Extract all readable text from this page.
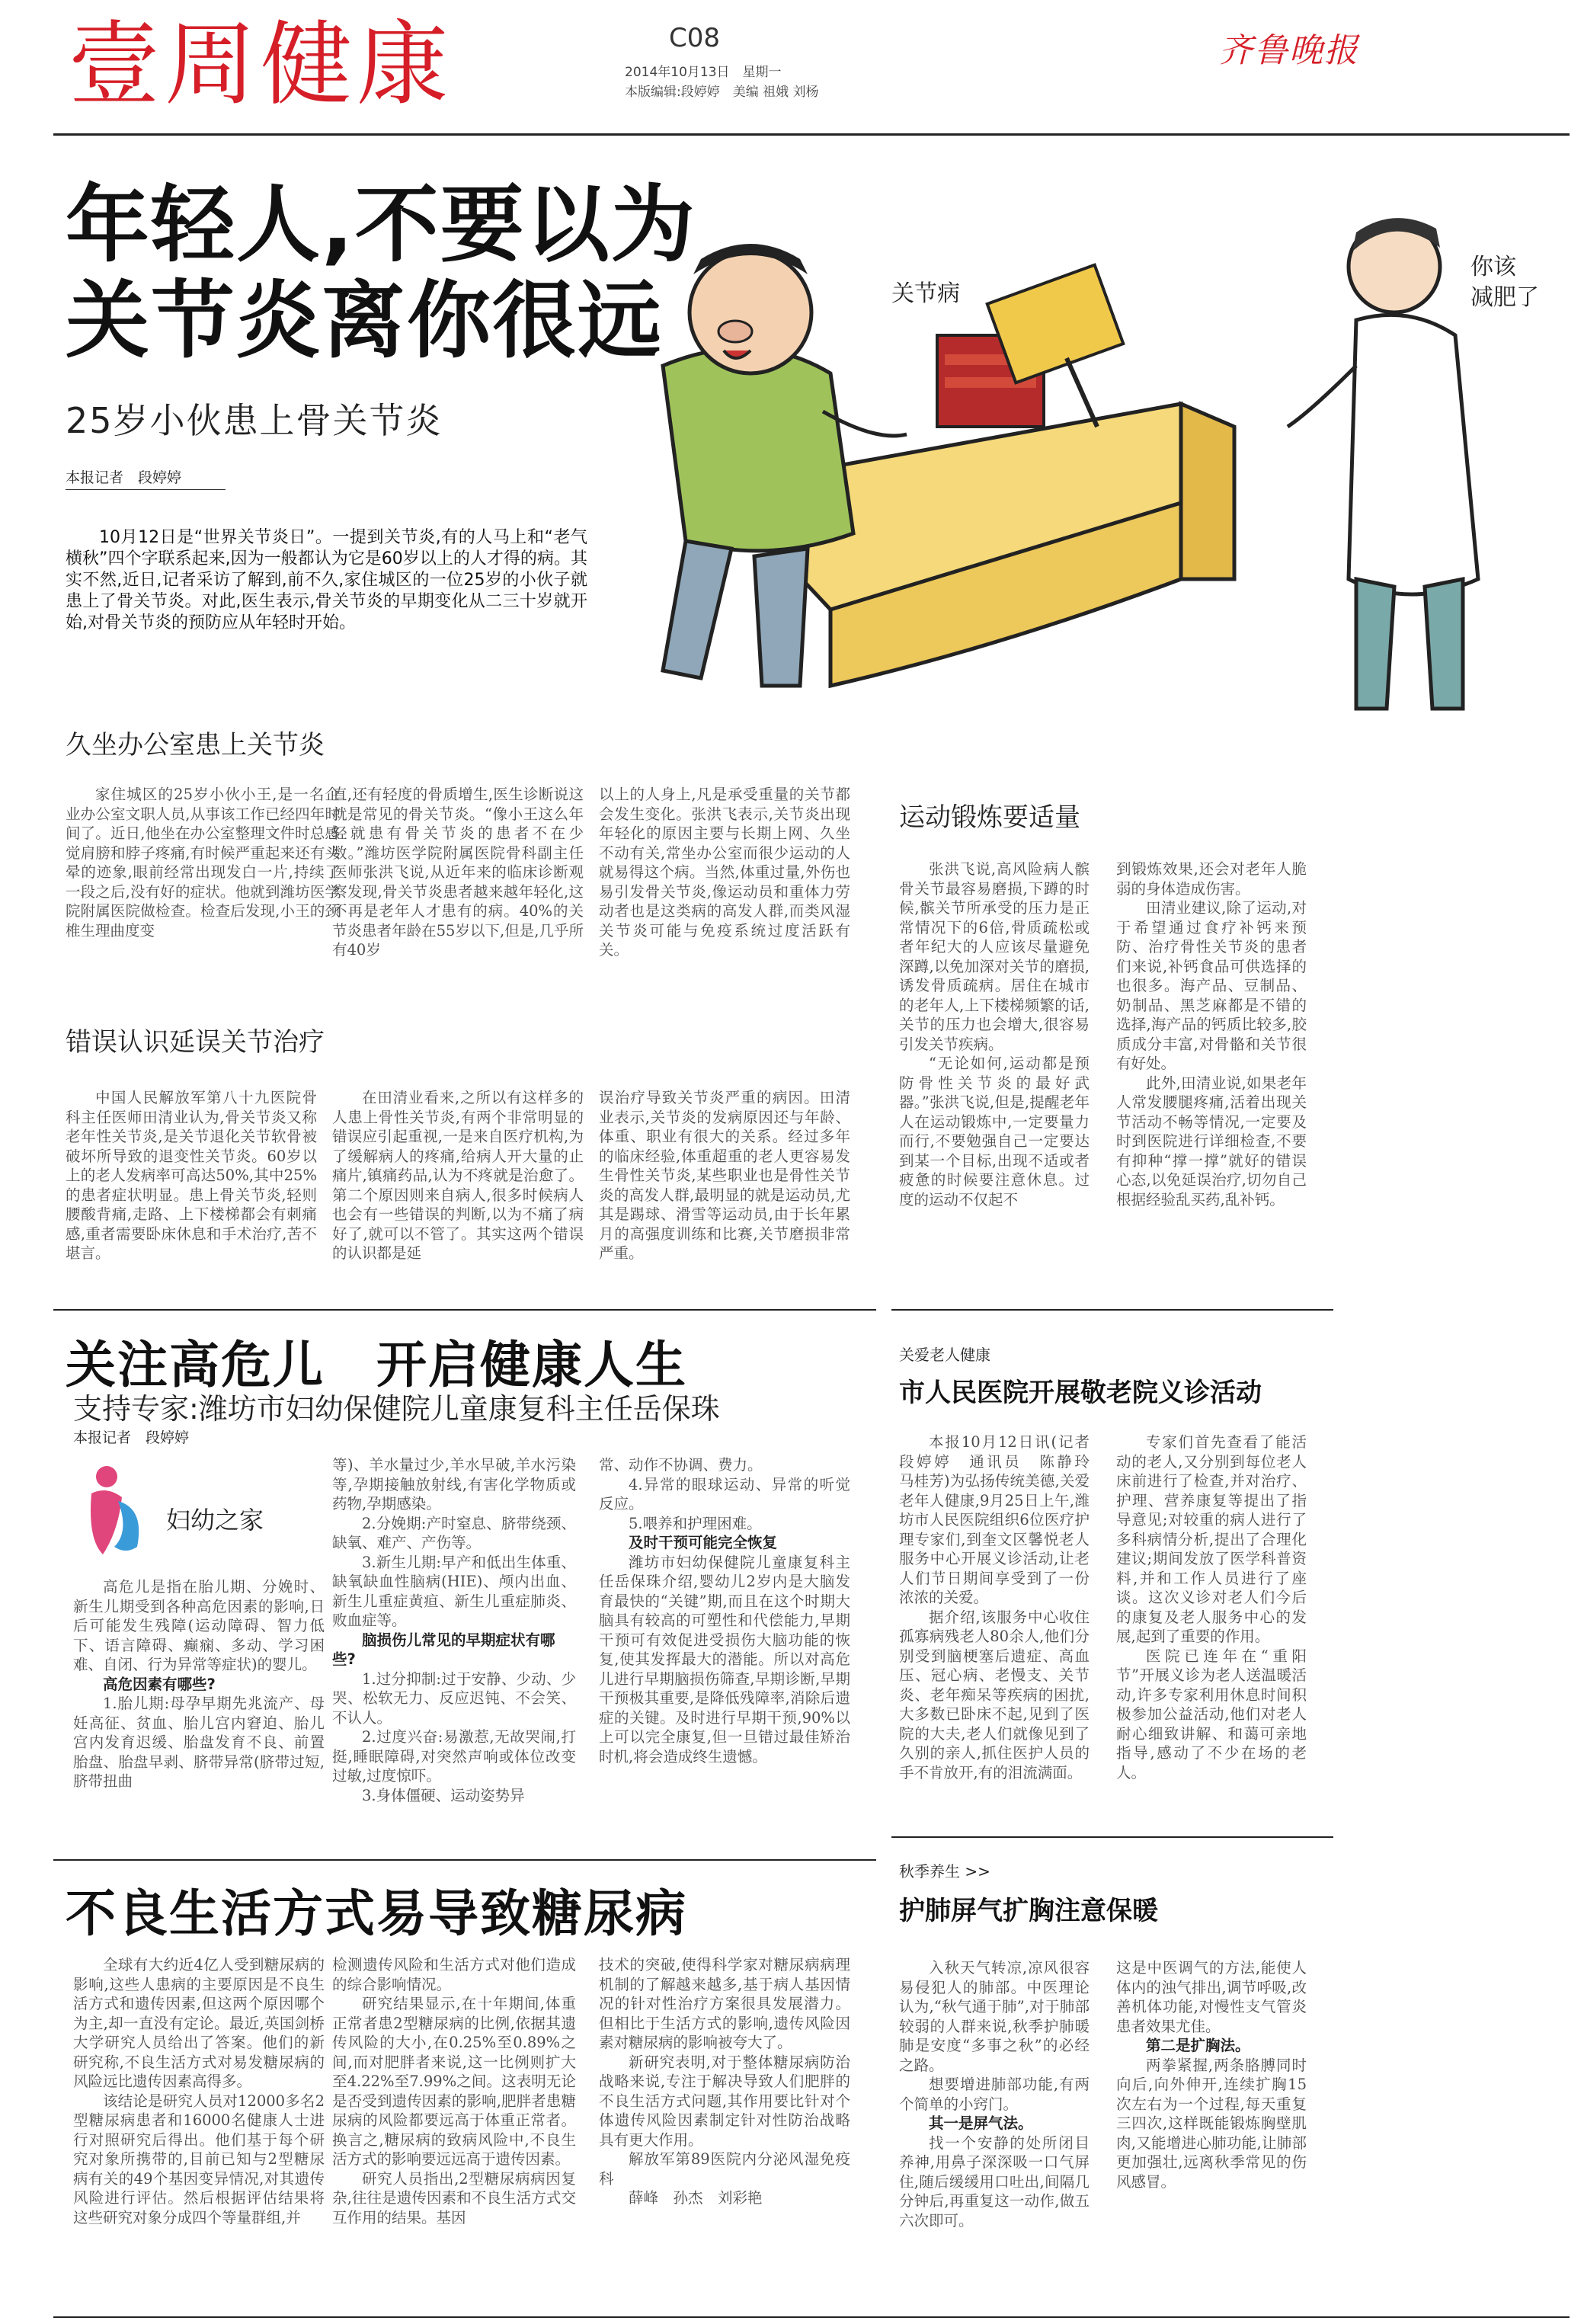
壹周健康	C08
2014年10月13日　星期一
本版编辑:段婷婷　美编 祖娥 刘杨
齐鲁晚报
年轻人,不要以为
关节炎离你很远
25岁小伙患上骨关节炎
本报记者　段婷婷

10月12日是“世界关节炎日”。一提到关节炎,有的人马上和“老气横秋”四个字联系起来,因为一般都认为它是60岁以上的人才得的病。其实不然,近日,记者采访了解到,前不久,家住城区的一位25岁的小伙子就患上了骨关节炎。对此,医生表示,骨关节炎的早期变化从二三十岁就开始,对骨关节炎的预防应从年轻时开始。

关节病
你该
减肥了
久坐办公室患上关节炎

家住城区的25岁小伙小王,是一名企业办公室文职人员,从事该工作已经四年时间了。近日,他坐在办公室整理文件时总感觉肩膀和脖子疼痛,有时候严重起来还有头晕的迹象,眼前经常出现发白一片,持续了一段之后,没有好的症状。他就到潍坊医学院附属医院做检查。检查后发现,小王的颈椎生理曲度变

直,还有轻度的骨质增生,医生诊断说这就是常见的骨关节炎。“像小王这么年轻就患有骨关节炎的患者不在少数。”潍坊医学院附属医院骨科副主任医师张洪飞说,从近年来的临床诊断观察发现,骨关节炎患者越来越年轻化,这不再是老年人才患有的病。40%的关节炎患者年龄在55岁以下,但是,几乎所有40岁

以上的人身上,凡是承受重量的关节都会发生变化。张洪飞表示,关节炎出现年轻化的原因主要与长期上网、久坐不动有关,常坐办公室而很少运动的人就易得这个病。当然,体重过量,外伤也易引发骨关节炎,像运动员和重体力劳动者也是这类病的高发人群,而类风湿关节炎可能与免疫系统过度活跃有关。

错误认识延误关节治疗

中国人民解放军第八十九医院骨科主任医师田清业认为,骨关节炎又称老年性关节炎,是关节退化关节软骨被破坏所导致的退变性关节炎。60岁以上的老人发病率可高达50%,其中25%的患者症状明显。患上骨关节炎,轻则腰酸背痛,走路、上下楼梯都会有刺痛感,重者需要卧床休息和手术治疗,苦不堪言。

在田清业看来,之所以有这样多的人患上骨性关节炎,有两个非常明显的错误应引起重视,一是来自医疗机构,为了缓解病人的疼痛,给病人开大量的止痛片,镇痛药品,认为不疼就是治愈了。第二个原因则来自病人,很多时候病人也会有一些错误的判断,以为不痛了病好了,就可以不管了。其实这两个错误的认识都是延

误治疗导致关节炎严重的病因。田清业表示,关节炎的发病原因还与年龄、体重、职业有很大的关系。经过多年的临床经验,体重超重的老人更容易发生骨性关节炎,某些职业也是骨性关节炎的高发人群,最明显的就是运动员,尤其是踢球、滑雪等运动员,由于长年累月的高强度训练和比赛,关节磨损非常严重。

运动锻炼要适量

张洪飞说,高风险病人髌骨关节最容易磨损,下蹲的时候,髌关节所承受的压力是正常情况下的6倍,骨质疏松或者年纪大的人应该尽量避免深蹲,以免加深对关节的磨损,诱发骨质疏病。居住在城市的老年人,上下楼梯频繁的话,关节的压力也会增大,很容易引发关节疾病。

“无论如何,运动都是预防骨性关节炎的最好武器。”张洪飞说,但是,提醒老年人在运动锻炼中,一定要量力而行,不要勉强自己一定要达到某一个目标,出现不适或者疲惫的时候要注意休息。过度的运动不仅起不

到锻炼效果,还会对老年人脆弱的身体造成伤害。

田清业建议,除了运动,对于希望通过食疗补钙来预防、治疗骨性关节炎的患者们来说,补钙食品可供选择的也很多。海产品、豆制品、奶制品、黑芝麻都是不错的选择,海产品的钙质比较多,胶质成分丰富,对骨骼和关节很有好处。

此外,田清业说,如果老年人常发腰腿疼痛,活着出现关节活动不畅等情况,一定要及时到医院进行详细检查,不要有抑种“撑一撑”就好的错误心态,以免延误治疗,切勿自己根据经验乱买药,乱补钙。

关注高危儿　开启健康人生
支持专家:潍坊市妇幼保健院儿童康复科主任岳保珠
本报记者　段婷婷
妇幼之家

高危儿是指在胎儿期、分娩时、新生儿期受到各种高危因素的影响,日后可能发生残障(运动障碍、智力低下、语言障碍、癫痫、多动、学习困难、自闭、行为异常等症状)的婴儿。

高危因素有哪些?

1.胎儿期:母孕早期先兆流产、母妊高征、贫血、胎儿宫内窘迫、胎儿宫内发育迟缓、胎盘发育不良、前置胎盘、胎盘早剥、脐带异常(脐带过短,脐带扭曲

等)、羊水量过少,羊水早破,羊水污染等,孕期接触放射线,有害化学物质或药物,孕期感染。

2.分娩期:产时窒息、脐带绕颈、缺氧、难产、产伤等。

3.新生儿期:早产和低出生体重、缺氧缺血性脑病(HIE)、颅内出血、新生儿重症黄疸、新生儿重症肺炎、败血症等。

脑损伤儿常见的早期症状有哪些?

1.过分抑制:过于安静、少动、少哭、松软无力、反应迟钝、不会笑、不认人。

2.过度兴奋:易激惹,无故哭闹,打挺,睡眠障碍,对突然声响或体位改变过敏,过度惊吓。

3.身体僵硬、运动姿势异

常、动作不协调、费力。

4.异常的眼球运动、异常的听觉反应。

5.喂养和护理困难。

及时干预可能完全恢复

潍坊市妇幼保健院儿童康复科主任岳保珠介绍,婴幼儿2岁内是大脑发育最快的“关键”期,而且在这个时期大脑具有较高的可塑性和代偿能力,早期干预可有效促进受损伤大脑功能的恢复,使其发挥最大的潜能。所以对高危儿进行早期脑损伤筛查,早期诊断,早期干预极其重要,是降低残障率,消除后遗症的关键。及时进行早期干预,90%以上可以完全康复,但一旦错过最佳矫治时机,将会造成终生遗憾。

关爱老人健康
市人民医院开展敬老院义诊活动

本报10月12日讯(记者段婷婷　通讯员　陈静玲　马桂芳)为弘扬传统美德,关爱老年人健康,9月25日上午,潍坊市人民医院组织6位医疗护理专家们,到奎文区馨悦老人服务中心开展义诊活动,让老人们节日期间享受到了一份浓浓的关爱。

据介绍,该服务中心收住孤寡病残老人80余人,他们分别受到脑梗塞后遗症、高血压、冠心病、老慢支、关节炎、老年痴呆等疾病的困扰,大多数已卧床不起,见到了医院的大夫,老人们就像见到了久别的亲人,抓住医护人员的手不肯放开,有的泪流满面。

专家们首先查看了能活动的老人,又分别到每位老人床前进行了检查,并对治疗、护理、营养康复等提出了指导意见;对较重的病人进行了多科病情分析,提出了合理化建议;期间发放了医学科普资料,并和工作人员进行了座谈。这次义诊对老人们今后的康复及老人服务中心的发展,起到了重要的作用。

医院已连年在“重阳节”开展义诊为老人送温暖活动,许多专家利用休息时间积极参加公益活动,他们对老人耐心细致讲解、和蔼可亲地指导,感动了不少在场的老人。

不良生活方式易导致糖尿病

全球有大约近4亿人受到糖尿病的影响,这些人患病的主要原因是不良生活方式和遗传因素,但这两个原因哪个为主,却一直没有定论。最近,英国剑桥大学研究人员给出了答案。他们的新研究称,不良生活方式对易发糖尿病的风险远比遗传因素高得多。

该结论是研究人员对12000多名2型糖尿病患者和16000名健康人士进行对照研究后得出。他们基于每个研究对象所携带的,目前已知与2型糖尿病有关的49个基因变异情况,对其遗传风险进行评估。然后根据评估结果将这些研究对象分成四个等量群组,并

检测遗传风险和生活方式对他们造成的综合影响情况。

研究结果显示,在十年期间,体重正常者患2型糖尿病的比例,依据其遗传风险的大小,在0.25%至0.89%之间,而对肥胖者来说,这一比例则扩大至4.22%至7.99%之间。这表明无论是否受到遗传因素的影响,肥胖者患糖尿病的风险都要远高于体重正常者。换言之,糖尿病的致病风险中,不良生活方式的影响要远远高于遗传因素。

研究人员指出,2型糖尿病病因复杂,往往是遗传因素和不良生活方式交互作用的结果。基因

技术的突破,使得科学家对糖尿病病理机制的了解越来越多,基于病人基因情况的针对性治疗方案很具发展潜力。但相比于生活方式的影响,遗传风险因素对糖尿病的影响被夸大了。

新研究表明,对于整体糖尿病防治战略来说,专注于解决导致人们肥胖的不良生活方式问题,其作用要比针对个体遗传风险因素制定针对性防治战略具有更大作用。

解放军第89医院内分泌风湿免疫科

薛峰　孙杰　刘彩艳

秋季养生 >>
护肺屏气扩胸注意保暖

入秋天气转凉,凉风很容易侵犯人的肺部。中医理论认为,“秋气通于肺”,对于肺部较弱的人群来说,秋季护肺暖肺是安度“多事之秋”的必经之路。

想要增进肺部功能,有两个简单的小窍门。

其一是屏气法。

找一个安静的处所闭目养神,用鼻子深深吸一口气屏住,随后缓缓用口吐出,间隔几分钟后,再重复这一动作,做五六次即可。

这是中医调气的方法,能使人体内的浊气排出,调节呼吸,改善机体功能,对慢性支气管炎患者效果尤佳。

第二是扩胸法。

两拳紧握,两条胳膊同时向后,向外伸开,连续扩胸15次左右为一个过程,每天重复三四次,这样既能锻炼胸壁肌肉,又能增进心肺功能,让肺部更加强壮,远离秋季常见的伤风感冒。
